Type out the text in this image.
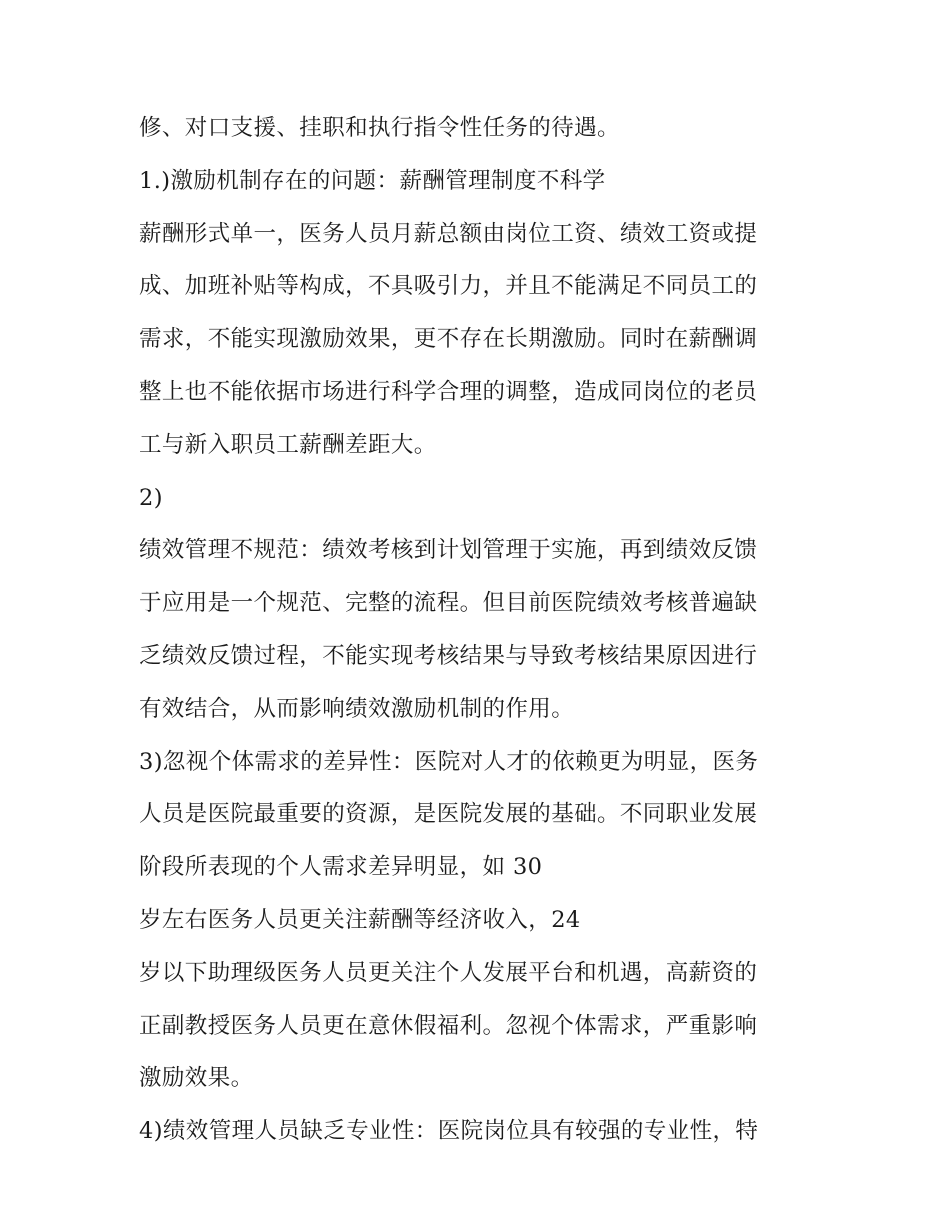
修、对口支援、挂职和执行指令性任务的待遇。
1.)激励机制存在的问题：薪酬管理制度不科学
薪酬形式单一，医务人员月薪总额由岗位工资、绩效工资或提
成、加班补贴等构成，不具吸引力，并且不能满足不同员工的
需求，不能实现激励效果，更不存在长期激励。同时在薪酬调
整上也不能依据市场进行科学合理的调整，造成同岗位的老员
工与新入职员工薪酬差距大。
2)
绩效管理不规范：绩效考核到计划管理于实施，再到绩效反馈
于应用是一个规范、完整的流程。但目前医院绩效考核普遍缺
乏绩效反馈过程，不能实现考核结果与导致考核结果原因进行
有效结合，从而影响绩效激励机制的作用。
3)忽视个体需求的差异性：医院对人才的依赖更为明显，医务
人员是医院最重要的资源，是医院发展的基础。不同职业发展
阶段所表现的个人需求差异明显，如 30
岁左右医务人员更关注薪酬等经济收入，24
岁以下助理级医务人员更关注个人发展平台和机遇，高薪资的
正副教授医务人员更在意休假福利。忽视个体需求，严重影响
激励效果。
4)绩效管理人员缺乏专业性：医院岗位具有较强的专业性，特
